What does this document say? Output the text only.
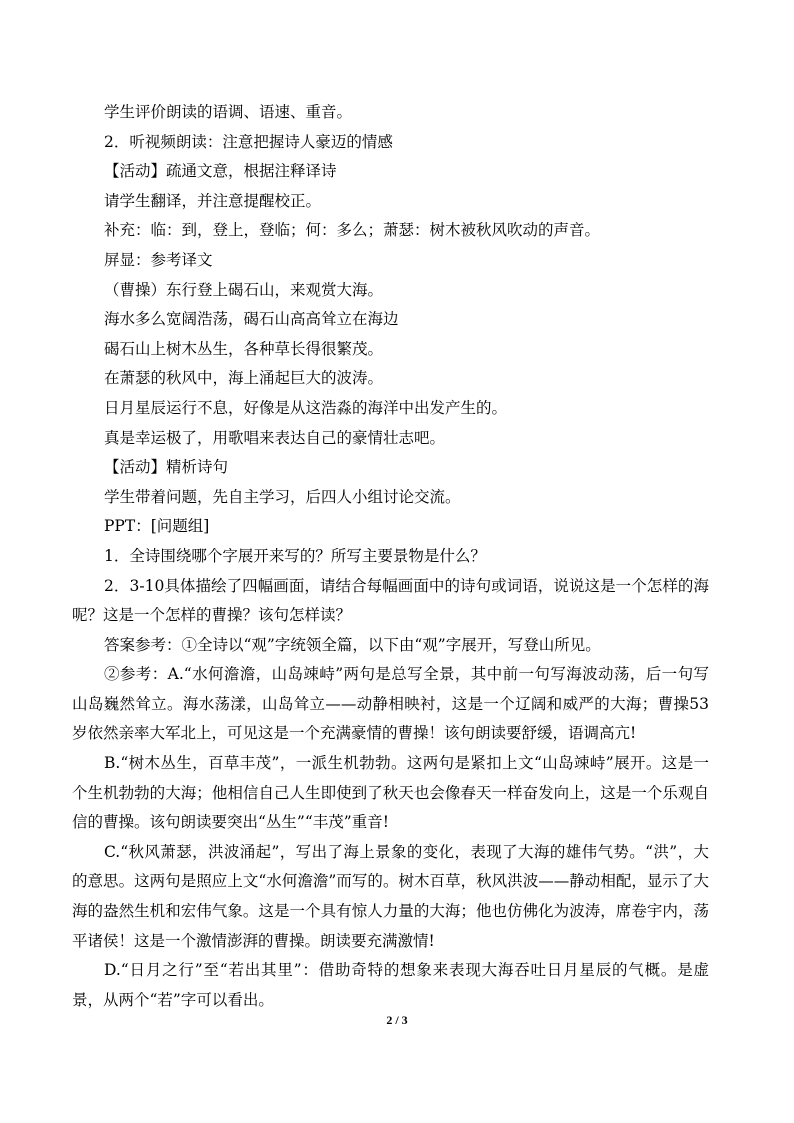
学生评价朗读的语调、语速、重音。

2．听视频朗读：注意把握诗人豪迈的情感

【活动】疏通文意，根据注释译诗

请学生翻译，并注意提醒校正。

补充：临：到，登上，登临；何：多么；萧瑟：树木被秋风吹动的声音。

屏显：参考译文

（曹操）东行登上碣石山，来观赏大海。

海水多么宽阔浩荡，碣石山高高耸立在海边

碣石山上树木丛生，各种草长得很繁茂。

在萧瑟的秋风中，海上涌起巨大的波涛。

日月星辰运行不息，好像是从这浩淼的海洋中出发产生的。

真是幸运极了，用歌唱来表达自己的豪情壮志吧。

【活动】精析诗句

学生带着问题，先自主学习，后四人小组讨论交流。

PPT：[问题组]

1．全诗围绕哪个字展开来写的？所写主要景物是什么？

2．3-10具体描绘了四幅画面，请结合每幅画面中的诗句或词语，说说这是一个怎样的海呢？这是一个怎样的曹操？该句怎样读？

答案参考：①全诗以“观”字统领全篇，以下由“观”字展开，写登山所见。

②参考：A.“水何澹澹，山岛竦峙”两句是总写全景，其中前一句写海波动荡，后一句写山岛巍然耸立。海水荡漾，山岛耸立——动静相映衬，这是一个辽阔和威严的大海；曹操53岁依然亲率大军北上，可见这是一个充满豪情的曹操！该句朗读要舒缓，语调高亢!

B.“树木丛生，百草丰茂”，一派生机勃勃。这两句是紧扣上文“山岛竦峙”展开。这是一个生机勃勃的大海；他相信自己人生即使到了秋天也会像春天一样奋发向上，这是一个乐观自信的曹操。该句朗读要突出“丛生”“丰茂”重音!

C.“秋风萧瑟，洪波涌起”，写出了海上景象的变化，表现了大海的雄伟气势。“洪”，大的意思。这两句是照应上文“水何澹澹”而写的。树木百草，秋风洪波——静动相配，显示了大海的盎然生机和宏伟气象。这是一个具有惊人力量的大海；他也仿佛化为波涛，席卷宇内，荡平诸侯！这是一个激情澎湃的曹操。朗读要充满激情!

D.“日月之行”至“若出其里”：借助奇特的想象来表现大海吞吐日月星辰的气概。是虚景，从两个“若”字可以看出。

2 / 3
